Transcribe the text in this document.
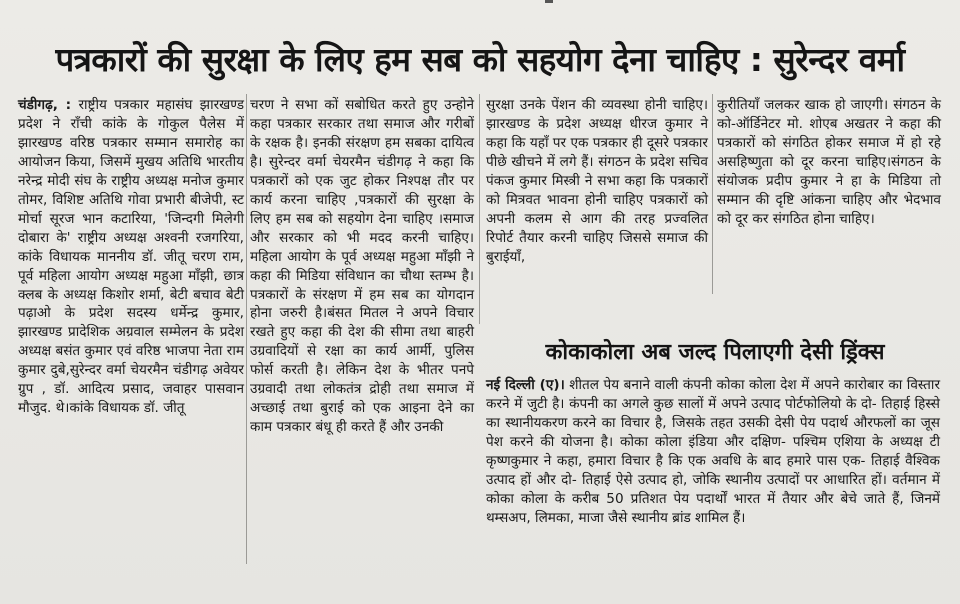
पत्रकारों की सुरक्षा के लिए हम सब को सहयोग देना चाहिए : सुरेन्दर वर्मा

चंडीगढ़, : राष्ट्रीय पत्रकार महासंघ झारखण्ड प्रदेश ने राँची कांके के गोकुल पैलेस में झारखण्ड वरिष्ठ पत्रकार सम्मान समारोह का आयोजन किया, जिसमें मुखय अतिथि भारतीय नरेन्द्र मोदी संघ के राष्ट्रीय अध्यक्ष मनोज कुमार तोमर, विशिष्ट अतिथि गोवा प्रभारी बीजेपी, स्ट मोर्चा सूरज भान कटारिया, 'जिन्दगी मिलेगी दोबारा के' राष्ट्रीय अध्यक्ष अश्वनी रजगरिया, कांके विधायक माननीय डॉ. जीतू चरण राम, पूर्व महिला आयोग अध्यक्ष महुआ माँझी, छात्र क्लब के अध्यक्ष किशोर शर्मा, बेटी बचाव बेटी पढ़ाओ के प्रदेश सदस्य धर्मेन्द्र कुमार, झारखण्ड प्रादेशिक अग्रवाल सम्मेलन के प्रदेश अध्यक्ष बसंत कुमार एवं वरिष्ठ भाजपा नेता राम कुमार दुबे,सुरेन्दर वर्मा चेयरमैन चंडीगढ़ अवेयर ग्रुप , डॉ. आदित्य प्रसाद, जवाहर पासवान मौजुद. थे।कांके विधायक डॉ. जीतू

चरण ने सभा कों सबोधित करते हुए उन्होने कहा पत्रकार सरकार तथा समाज और गरीबों के रक्षक है। इनकी संरक्षण हम सबका दायित्व है। सुरेन्दर वर्मा चेयरमैन चंडीगढ़ ने कहा कि पत्रकारों को एक जुट होकर निश्पक्ष तौर पर कार्य करना चाहिए ,पत्रकारों की सुरक्षा के लिए हम सब को सहयोग देना चाहिए ।समाज और सरकार को भी मदद करनी चाहिए। महिला आयोग के पूर्व अध्यक्ष महुआ माँझी ने कहा की मिडिया संविधान का चौथा स्तम्भ है। पत्रकारों के संरक्षण में हम सब का योगदान होना जरुरी है।बंसत मितल ने अपने विचार रखते हुए कहा की देश की सीमा तथा बाहरी उग्रवादियों से रक्षा का कार्य आर्मी, पुलिस फोर्स करती है। लेकिन देश के भीतर पनपे उग्रवादी तथा लोकतंत्र द्रोही तथा समाज में अच्छाई तथा बुराई को एक आइना देने का काम पत्रकार बंधू ही करते हैं और उनकी

सुरक्षा उनके पेंशन की व्यवस्था होनी चाहिए।झारखण्ड के प्रदेश अध्यक्ष धीरज कुमार ने कहा कि यहाँ पर एक पत्रकार ही दूसरे पत्रकार पीछे खीचने में लगे हैं। संगठन के प्रदेश सचिव पंकज कुमार मिस्त्री ने सभा कहा कि पत्रकारों को मित्रवत भावना होनी चाहिए पत्रकारों को अपनी कलम से आग की तरह प्रज्वलित रिपोर्ट तैयार करनी चाहिए जिससे समाज की बुराईयाँ,

कुरीतियाँ जलकर खाक हो जाएगी। संगठन के को-ऑर्डिनेटर मो. शोएब अखतर ने कहा की पत्रकारों को संगठित होकर समाज में हो रहे असहिष्णुता को दूर करना चाहिए।संगठन के संयोजक प्रदीप कुमार ने हा के मिडिया तो सम्मान की दृष्टि आंकना चाहिए और भेदभाव को दूर कर संगठित होना चाहिए।

कोकाकोला अब जल्द पिलाएगी देसी ड्रिंक्स

नई दिल्ली (ए)। शीतल पेय बनाने वाली कंपनी कोका कोला देश में अपने कारोबार का विस्तार करने में जुटी है। कंपनी का अगले कुछ सालों में अपने उत्पाद पोर्टफोलियो के दो- तिहाई हिस्से का स्थानीयकरण करने का विचार है, जिसके तहत उसकी देसी पेय पदार्थ औरफलों का जूस पेश करने की योजना है। कोका कोला इंडिया और दक्षिण- पश्चिम एशिया के अध्यक्ष टी कृष्णकुमार ने कहा, हमारा विचार है कि एक अवधि के बाद हमारे पास एक- तिहाई वैश्विक उत्पाद हों और दो- तिहाई ऐसे उत्पाद हो, जोकि स्थानीय उत्पादों पर आधारित हों। वर्तमान में कोका कोला के करीब 50 प्रतिशत पेय पदार्थों भारत में तैयार और बेचे जाते हैं, जिनमें थम्सअप, लिमका, माजा जैसे स्थानीय ब्रांड शामिल हैं।
